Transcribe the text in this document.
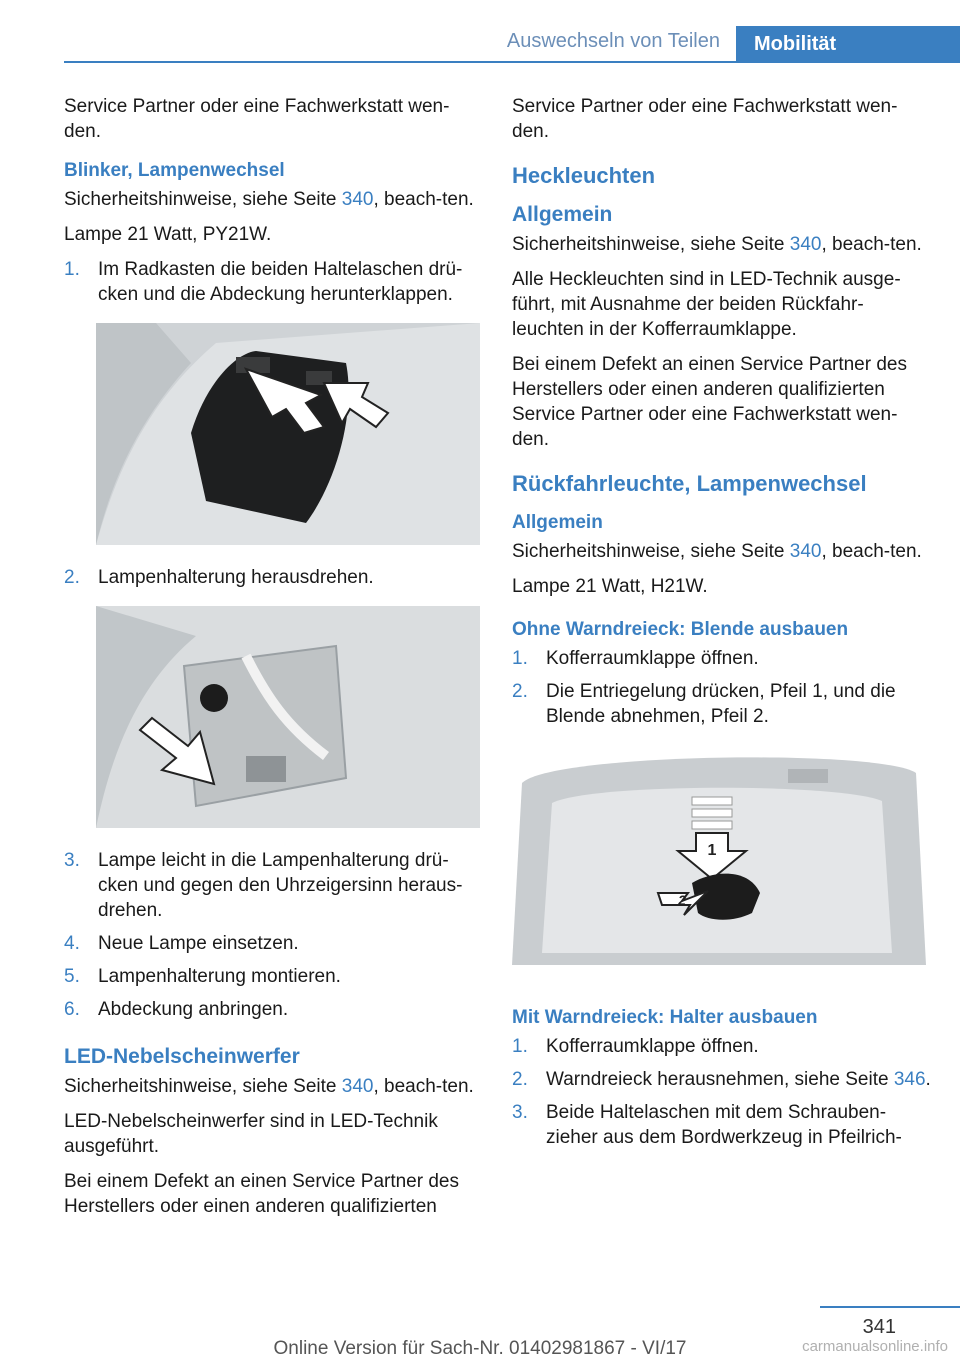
Auswechseln von Teilen	Mobilität

Service Partner oder eine Fachwerkstatt wen-den.

Blinker, Lampenwechsel

Sicherheitshinweise, siehe Seite 340, beach-ten.

Lampe 21 Watt, PY21W.

1. Im Radkasten die beiden Haltelaschen drü-cken und die Abdeckung herunterklappen.
2. Lampenhalterung herausdrehen.
3. Lampe leicht in die Lampenhalterung drü-cken und gegen den Uhrzeigersinn heraus-drehen.
4. Neue Lampe einsetzen.
5. Lampenhalterung montieren.
6. Abdeckung anbringen.
LED-Nebelscheinwerfer

Sicherheitshinweise, siehe Seite 340, beach-ten.

LED-Nebelscheinwerfer sind in LED-Technik ausgeführt.

Bei einem Defekt an einen Service Partner des Herstellers oder einen anderen qualifizierten

Service Partner oder eine Fachwerkstatt wen-den.

Heckleuchten
Allgemein

Sicherheitshinweise, siehe Seite 340, beach-ten.

Alle Heckleuchten sind in LED-Technik ausge-führt, mit Ausnahme der beiden Rückfahr-leuchten in der Kofferraumklappe.

Bei einem Defekt an einen Service Partner des Herstellers oder einen anderen qualifizierten Service Partner oder eine Fachwerkstatt wen-den.

Rückfahrleuchte, Lampenwechsel
Allgemein

Sicherheitshinweise, siehe Seite 340, beach-ten.

Lampe 21 Watt, H21W.

Ohne Warndreieck: Blende ausbauen
1. Kofferraumklappe öffnen.
2. Die Entriegelung drücken, Pfeil 1, und die Blende abnehmen, Pfeil 2.
1
2
Mit Warndreieck: Halter ausbauen
1. Kofferraumklappe öffnen.
2. Warndreieck herausnehmen, siehe Seite 346.
3. Beide Haltelaschen mit dem Schrauben-zieher aus dem Bordwerkzeug in Pfeilrich-
341
Online Version für Sach-Nr. 01402981867 - VI/17	carmanualsonline.info
